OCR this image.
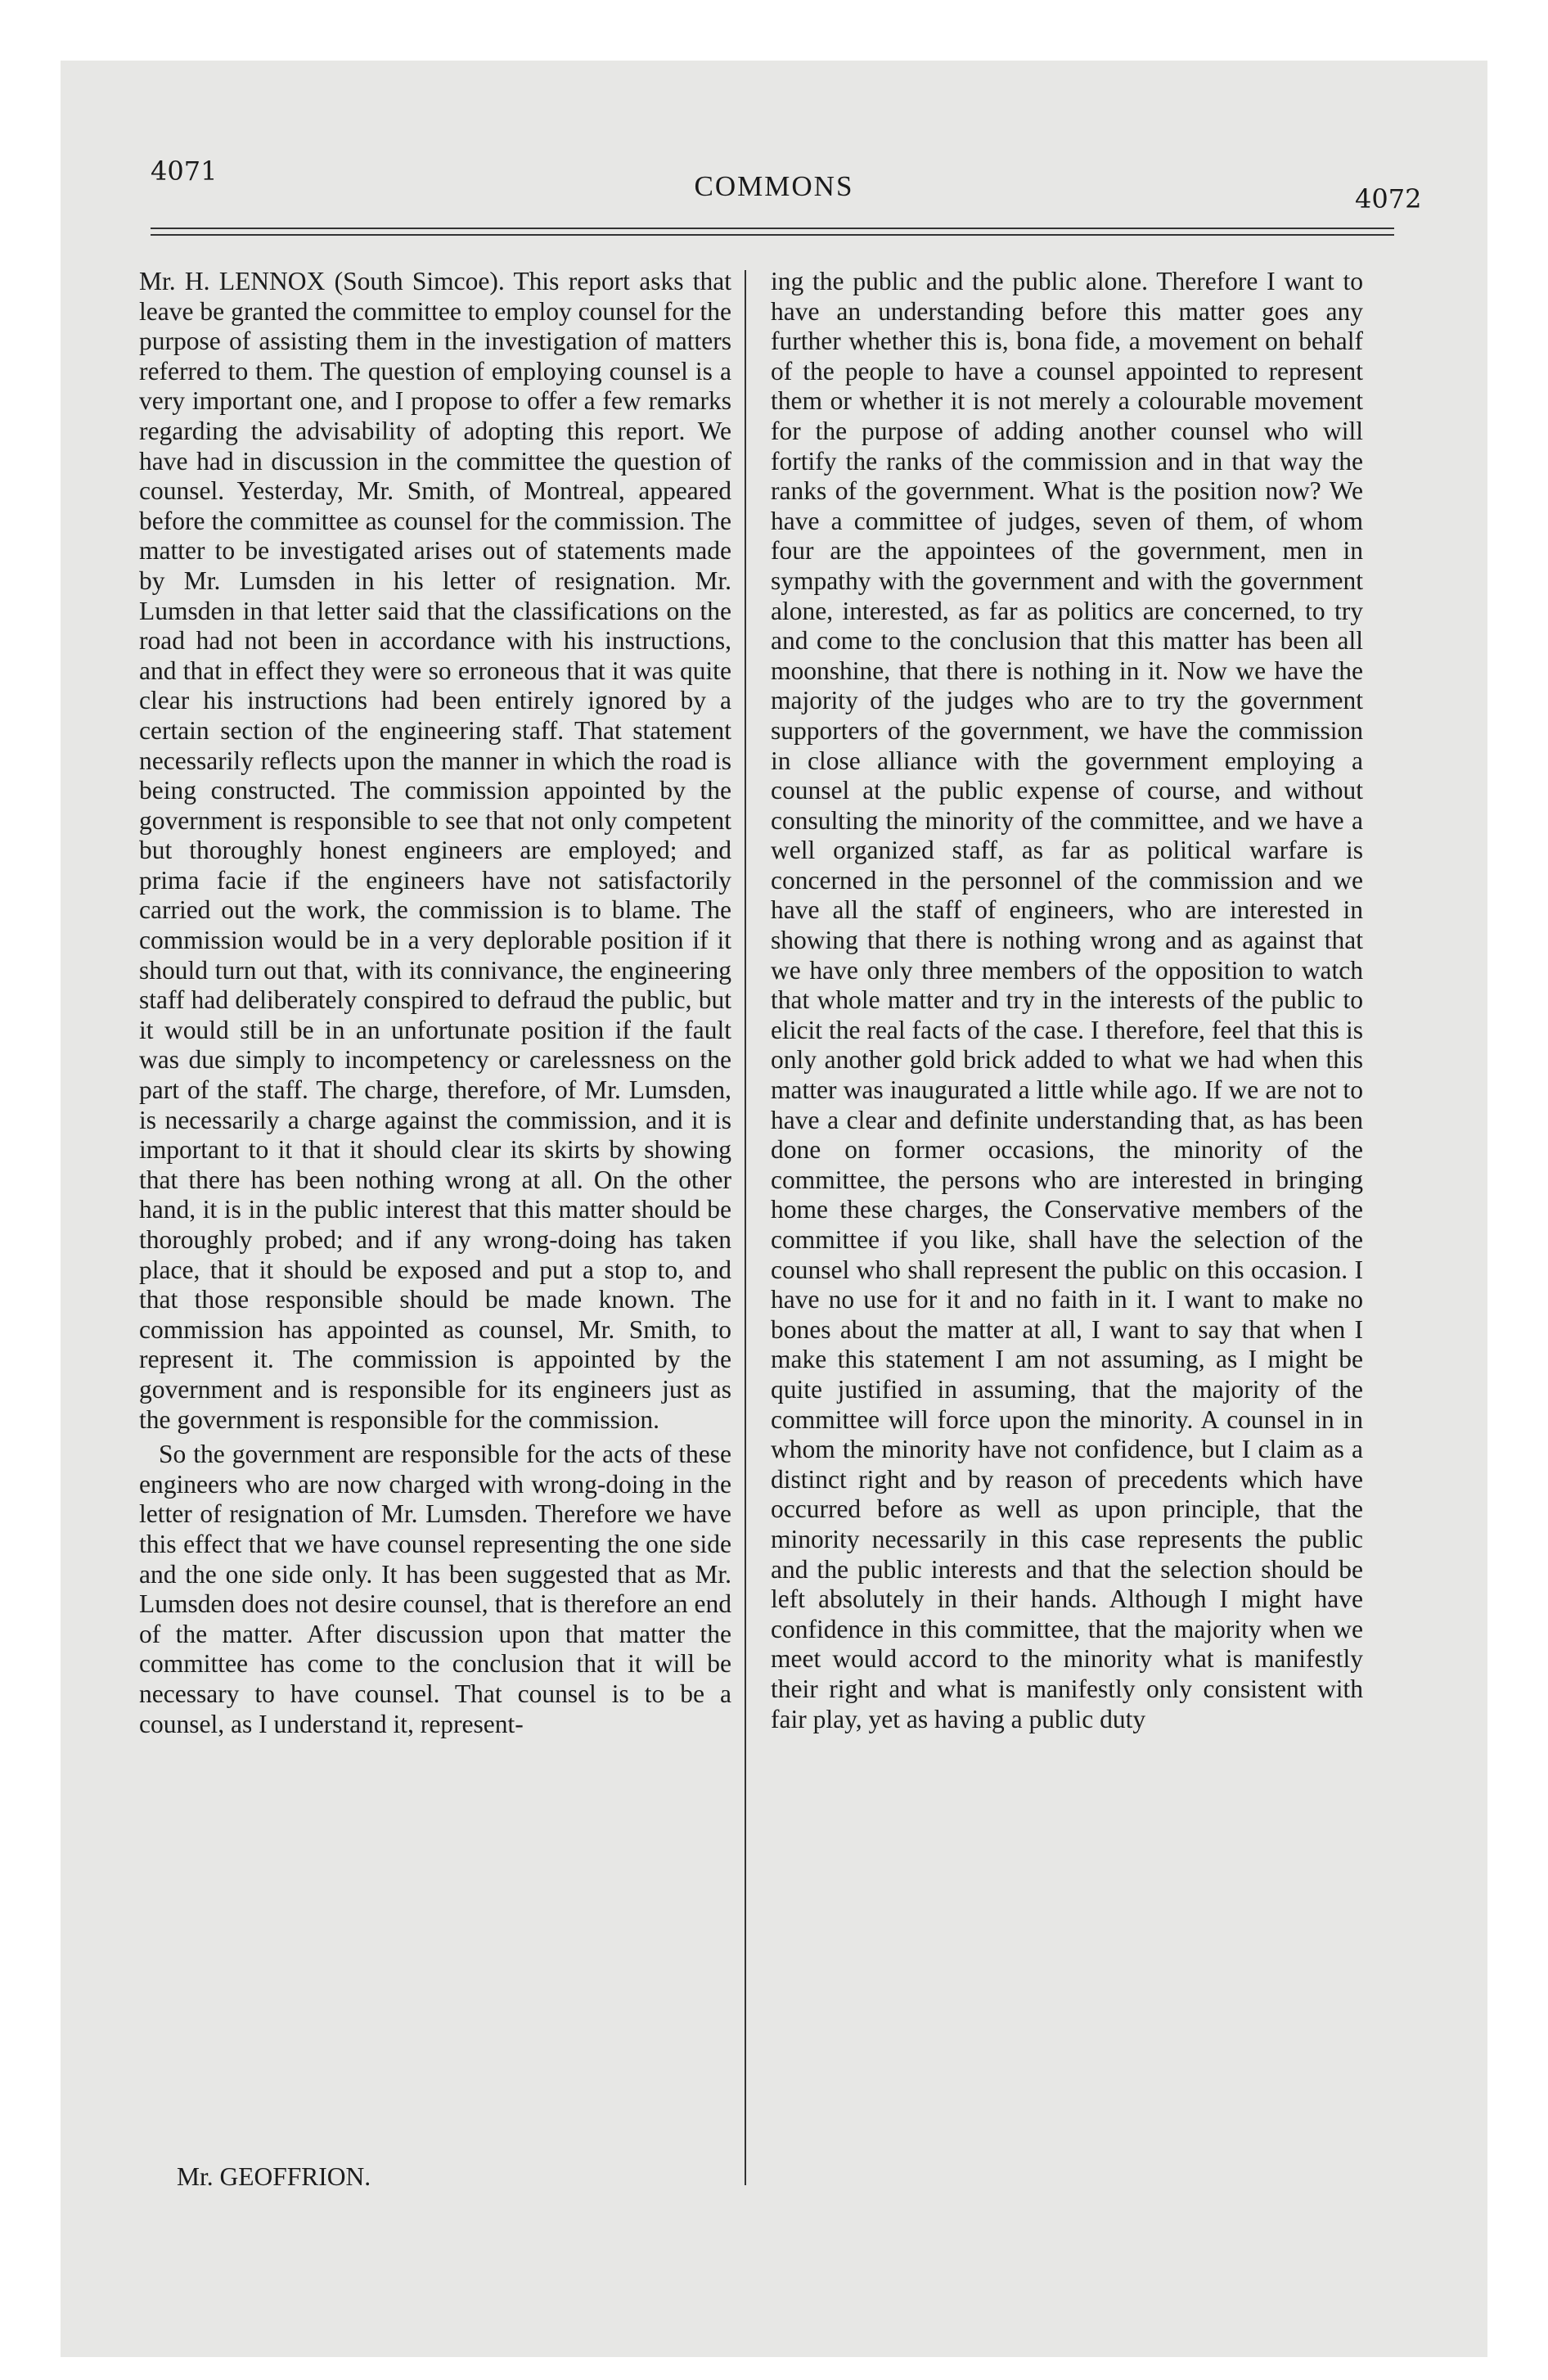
4071	COMMONS	4072

Mr. H. LENNOX (South Simcoe). This report asks that leave be granted the committee to employ counsel for the purpose of assisting them in the investigation of matters referred to them. The question of employing counsel is a very important one, and I propose to offer a few remarks regarding the advisability of adopting this report. We have had in discussion in the committee the question of counsel. Yesterday, Mr. Smith, of Montreal, appeared before the committee as counsel for the commission. The matter to be investigated arises out of statements made by Mr. Lumsden in his letter of resignation. Mr. Lumsden in that letter said that the classifications on the road had not been in accordance with his instructions, and that in effect they were so erroneous that it was quite clear his instructions had been entirely ignored by a certain section of the engineering staff. That statement necessarily reflects upon the manner in which the road is being constructed. The commission appointed by the government is responsible to see that not only competent but thoroughly honest engineers are employed; and prima facie if the engineers have not satisfactorily carried out the work, the commission is to blame. The commission would be in a very deplorable position if it should turn out that, with its connivance, the engineering staff had deliberately conspired to defraud the public, but it would still be in an unfortunate position if the fault was due simply to incompetency or carelessness on the part of the staff. The charge, therefore, of Mr. Lumsden, is necessarily a charge against the commission, and it is important to it that it should clear its skirts by showing that there has been nothing wrong at all. On the other hand, it is in the public interest that this matter should be thoroughly probed; and if any wrong-doing has taken place, that it should be exposed and put a stop to, and that those responsible should be made known. The commission has appointed as counsel, Mr. Smith, to represent it. The commission is appointed by the government and is responsible for its engineers just as the government is responsible for the commission.

So the government are responsible for the acts of these engineers who are now charged with wrong-doing in the letter of resignation of Mr. Lumsden. Therefore we have this effect that we have counsel representing the one side and the one side only. It has been suggested that as Mr. Lumsden does not desire counsel, that is therefore an end of the matter. After discussion upon that matter the committee has come to the conclusion that it will be necessary to have counsel. That counsel is to be a counsel, as I understand it, represent-

ing the public and the public alone. Therefore I want to have an understanding before this matter goes any further whether this is, bona fide, a movement on behalf of the people to have a counsel appointed to represent them or whether it is not merely a colourable movement for the purpose of adding another counsel who will fortify the ranks of the commission and in that way the ranks of the government. What is the position now? We have a committee of judges, seven of them, of whom four are the appointees of the government, men in sympathy with the government and with the government alone, interested, as far as politics are concerned, to try and come to the conclusion that this matter has been all moonshine, that there is nothing in it. Now we have the majority of the judges who are to try the government supporters of the government, we have the commission in close alliance with the government employing a counsel at the public expense of course, and without consulting the minority of the committee, and we have a well organized staff, as far as political warfare is concerned in the personnel of the commission and we have all the staff of engineers, who are interested in showing that there is nothing wrong and as against that we have only three members of the opposition to watch that whole matter and try in the interests of the public to elicit the real facts of the case. I therefore, feel that this is only another gold brick added to what we had when this matter was inaugurated a little while ago. If we are not to have a clear and definite understanding that, as has been done on former occasions, the minority of the committee, the persons who are interested in bringing home these charges, the Conservative members of the committee if you like, shall have the selection of the counsel who shall represent the public on this occasion. I have no use for it and no faith in it. I want to make no bones about the matter at all, I want to say that when I make this statement I am not assuming, as I might be quite justified in assuming, that the majority of the committee will force upon the minority. A counsel in in whom the minority have not confidence, but I claim as a distinct right and by reason of precedents which have occurred before as well as upon principle, that the minority necessarily in this case represents the public and the public interests and that the selection should be left absolutely in their hands. Although I might have confidence in this committee, that the majority when we meet would accord to the minority what is manifestly their right and what is manifestly only consistent with fair play, yet as having a public duty

Mr. GEOFFRION.
